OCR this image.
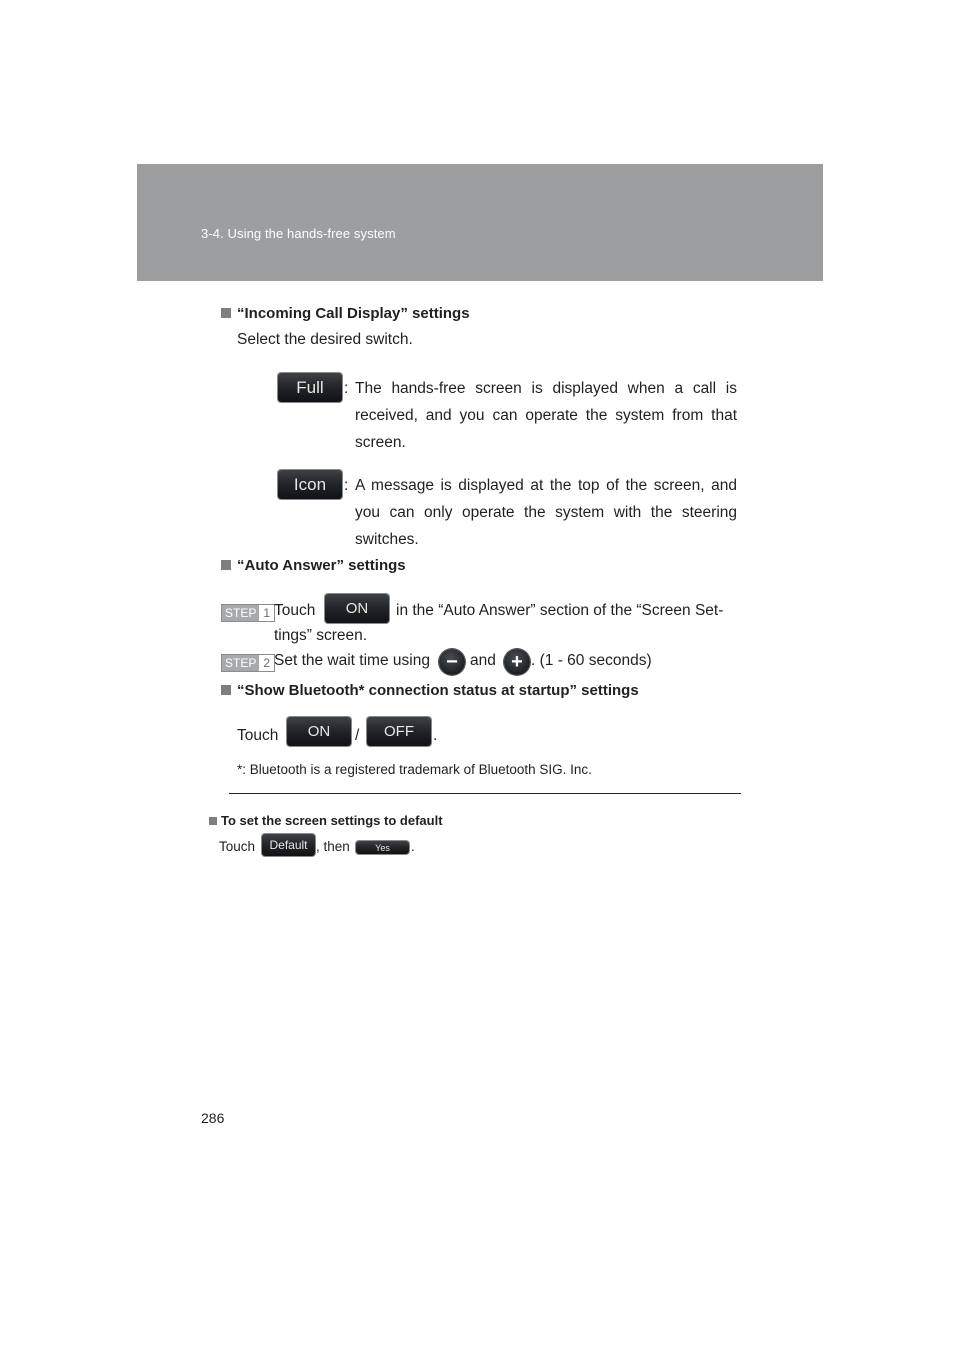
3-4. Using the hands-free system
“Incoming Call Display” settings
Select the desired switch.
Full	: The hands-free screen is displayed when a call is received, and you can operate the system from that screen.
Icon	: A message is displayed at the top of the screen, and you can only operate the system with the steering switches.
“Auto Answer” settings
STEP 1 Touch	ON	in the “Auto Answer” section of the “Screen Set-
tings” screen.
STEP 2 Set the wait time using − and + . (1 - 60 seconds)
“Show Bluetooth* connection status at startup” settings
Touch	ON	/	OFF	.
*: Bluetooth is a registered trademark of Bluetooth SIG. Inc.
To set the screen settings to default
Touch	Default , then	Yes	.
286
